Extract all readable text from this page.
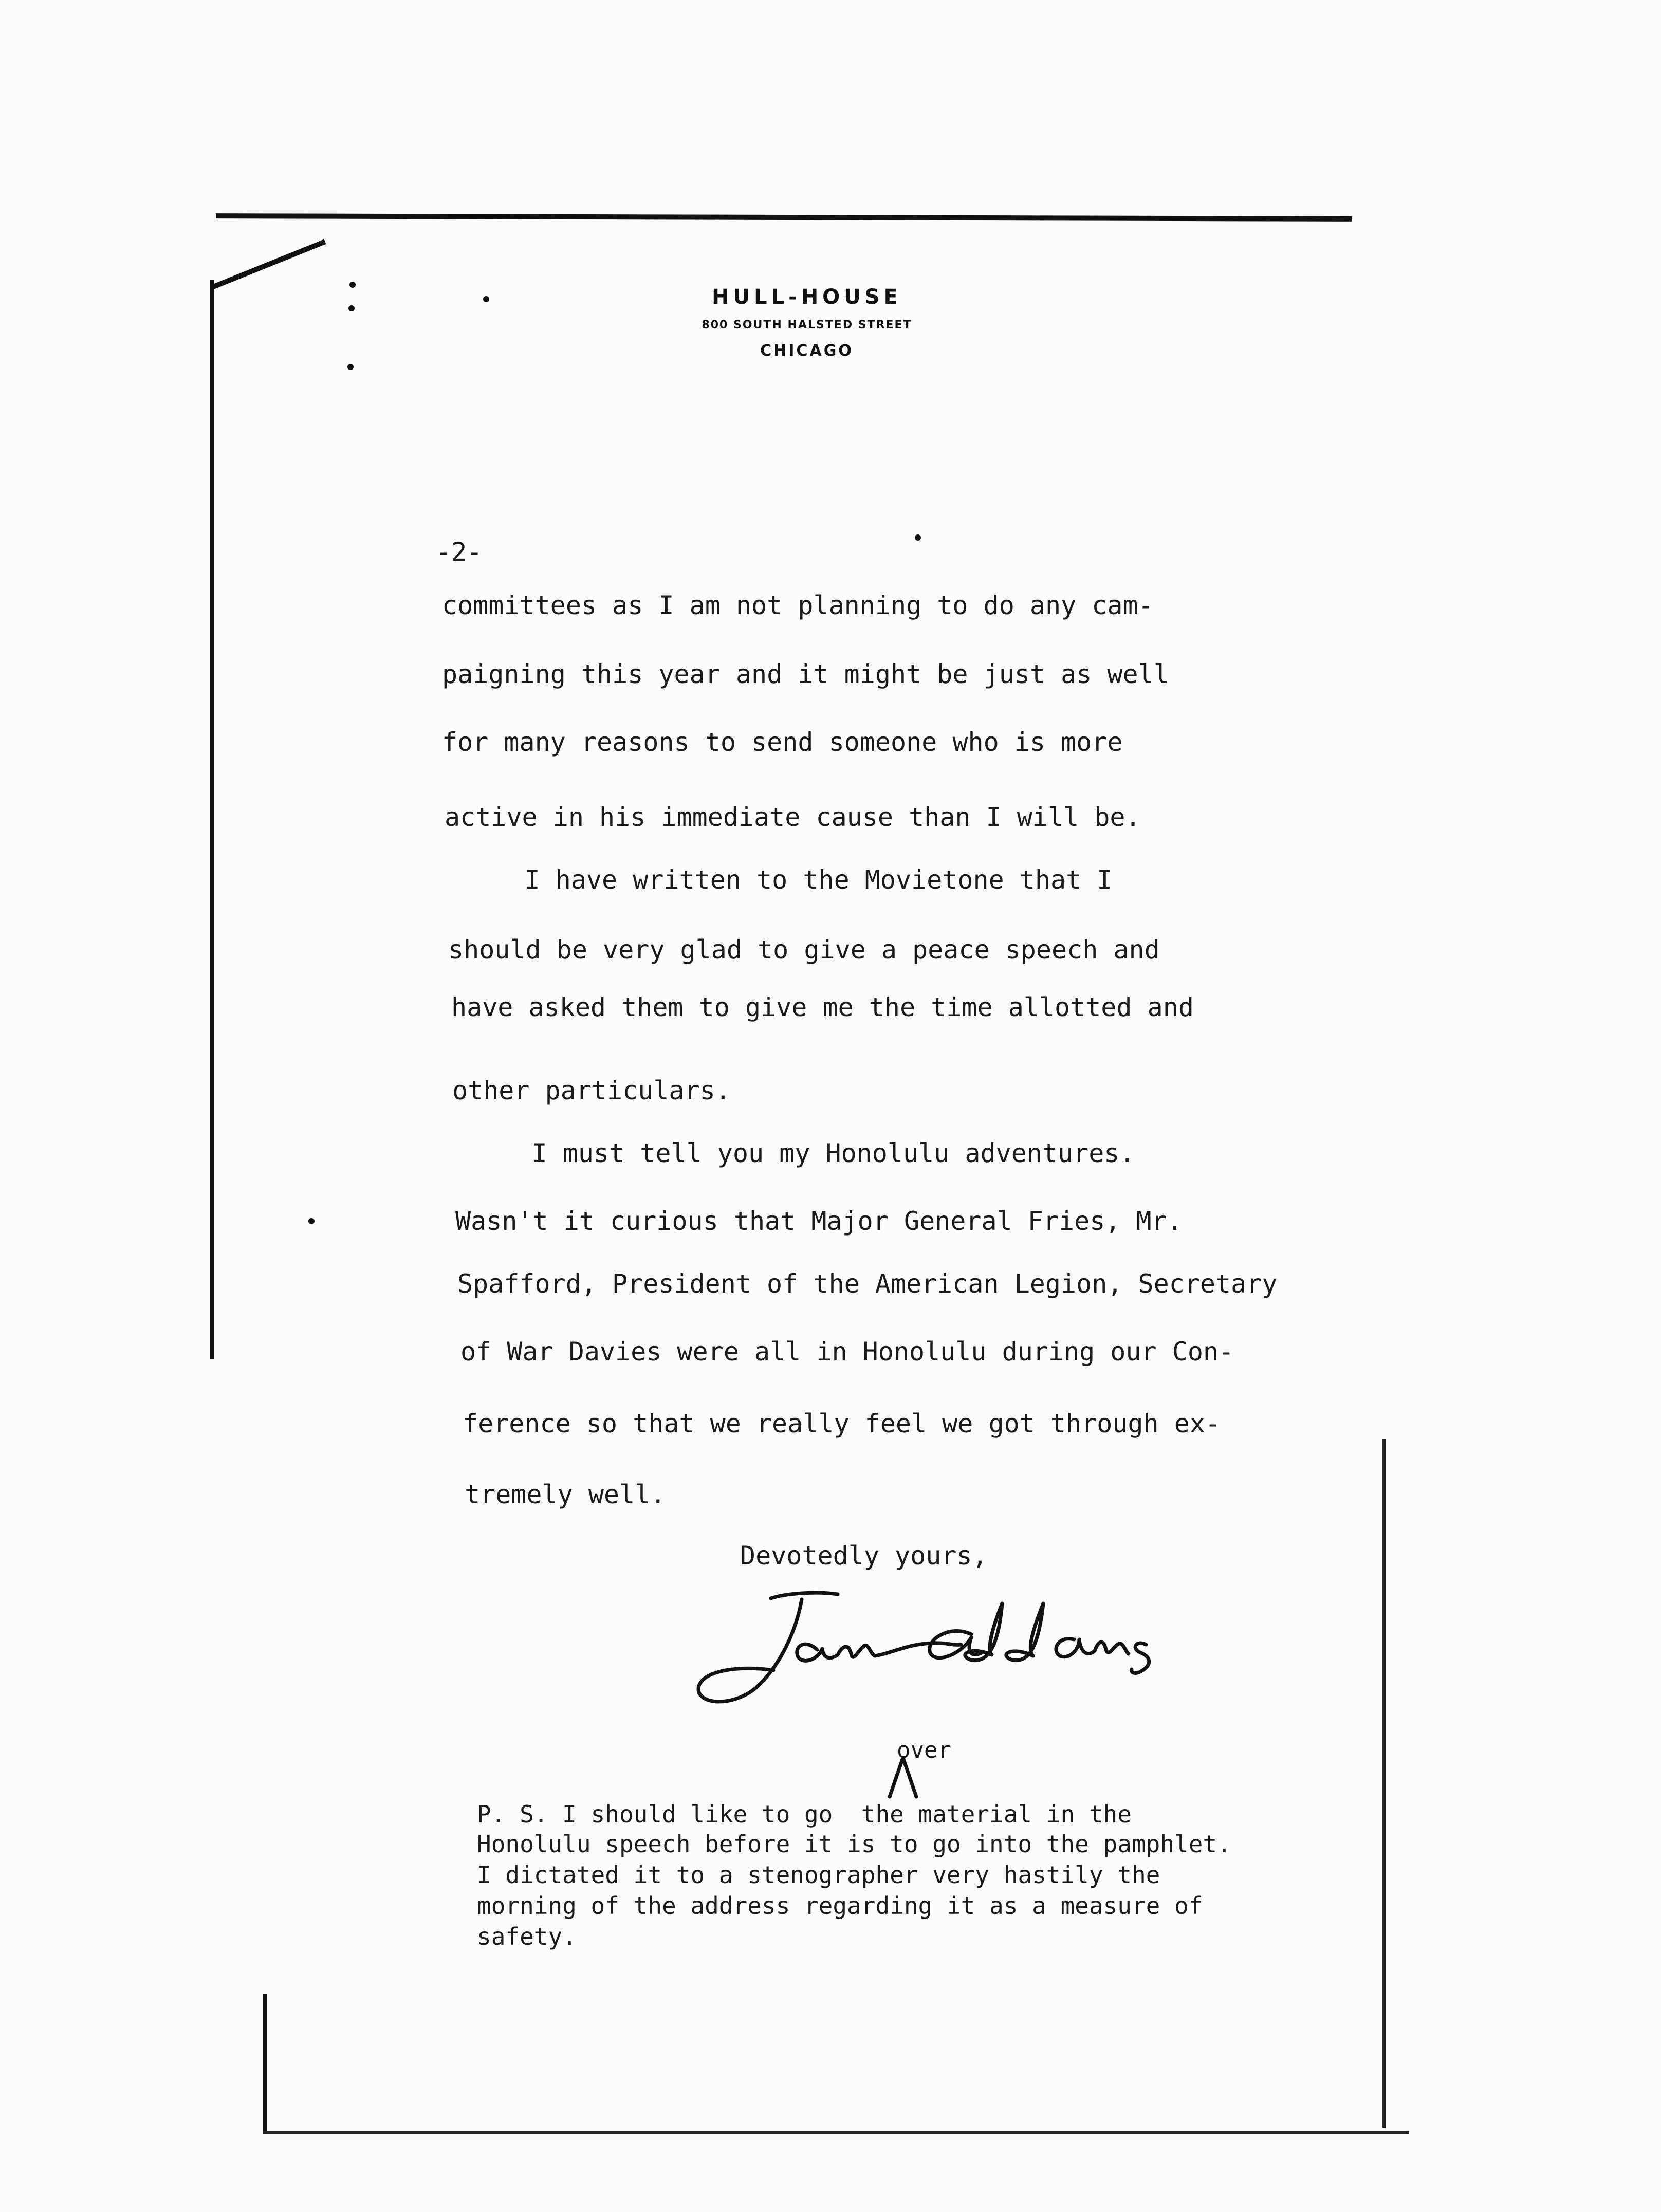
HULL-HOUSE
800 SOUTH HALSTED STREET
CHICAGO
-2-
committees as I am not planning to do any cam-
paigning this year and it might be just as well
for many reasons to send someone who is more
active in his immediate cause than I will be.
I have written to the Movietone that I
should be very glad to give a peace speech and
have asked them to give me the time allotted and
other particulars.
I must tell you my Honolulu adventures.
Wasn't it curious that Major General Fries, Mr.
Spafford, President of the American Legion, Secretary
of War Davies were all in Honolulu during our Con-
ference so that we really feel we got through ex-
tremely well.
Devotedly yours,
over
P. S. I should like to go  the material in the
Honolulu speech before it is to go into the pamphlet.
I dictated it to a stenographer very hastily the
morning of the address regarding it as a measure of
safety.
